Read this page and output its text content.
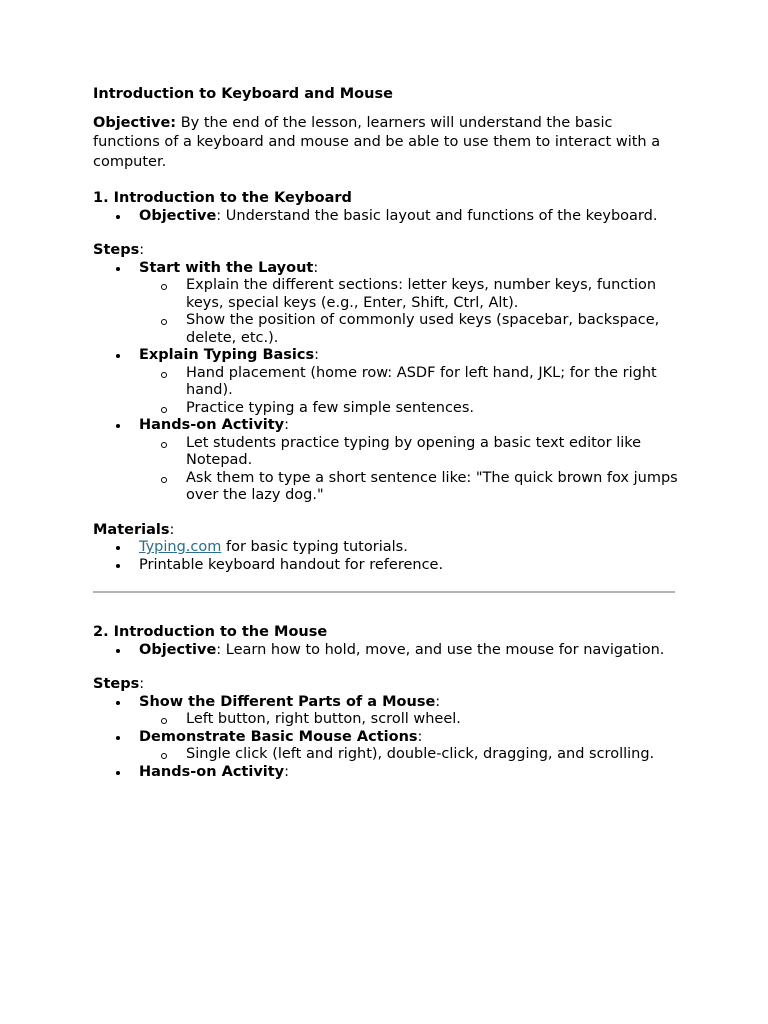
Introduction to Keyboard and Mouse

Objective: By the end of the lesson, learners will understand the basic functions of a keyboard and mouse and be able to use them to interact with a computer.

1. Introduction to the Keyboard

Objective: Understand the basic layout and functions of the keyboard.

Steps:

Start with the Layout:
Explain the different sections: letter keys, number keys, function keys, special keys (e.g., Enter, Shift, Ctrl, Alt).
Show the position of commonly used keys (spacebar, backspace, delete, etc.).
Explain Typing Basics:
Hand placement (home row: ASDF for left hand, JKL; for the right hand).
Practice typing a few simple sentences.
Hands-on Activity:
Let students practice typing by opening a basic text editor like Notepad.
Ask them to type a short sentence like: "The quick brown fox jumps over the lazy dog."

Materials:

Typing.com for basic typing tutorials.
Printable keyboard handout for reference.

2. Introduction to the Mouse

Objective: Learn how to hold, move, and use the mouse for navigation.

Steps:

Show the Different Parts of a Mouse:
Left button, right button, scroll wheel.
Demonstrate Basic Mouse Actions:
Single click (left and right), double-click, dragging, and scrolling.
Hands-on Activity:
